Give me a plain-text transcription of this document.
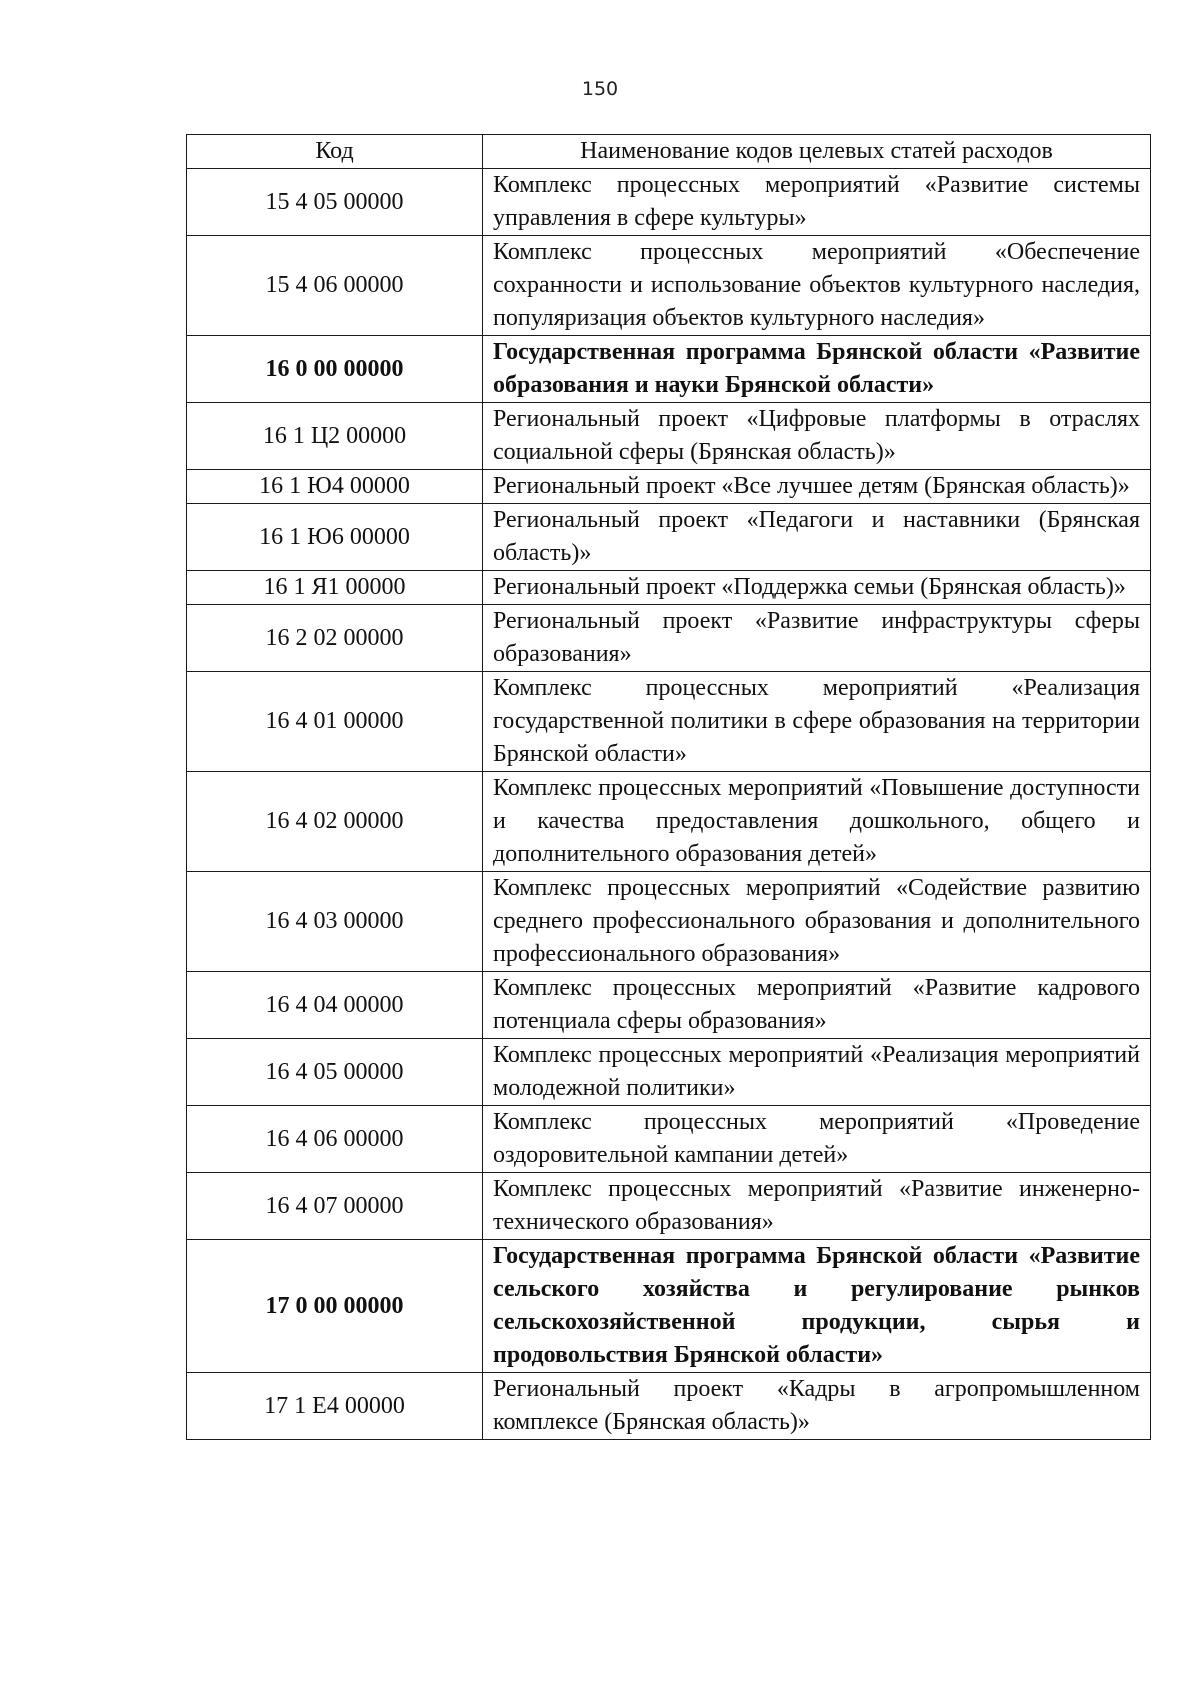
150
Код	Наименование кодов целевых статей расходов
15 4 05 00000	Комплекс процессных мероприятий «Развитие системы управления в сфере культуры»
15 4 06 00000	Комплекс процессных мероприятий «Обеспечение сохранности и использование объектов культурного наследия, популяризация объектов культурного наследия»
16 0 00 00000	Государственная программа Брянской области «Развитие образования и науки Брянской области»
16 1 Ц2 00000	Региональный проект «Цифровые платформы в отраслях социальной сферы (Брянская область)»
16 1 Ю4 00000	Региональный проект «Все лучшее детям (Брянская область)»
16 1 Ю6 00000	Региональный проект «Педагоги и наставники (Брянская область)»
16 1 Я1 00000	Региональный проект «Поддержка семьи (Брянская область)»
16 2 02 00000	Региональный проект «Развитие инфраструктуры сферы образования»
16 4 01 00000	Комплекс процессных мероприятий «Реализация государственной политики в сфере образования на территории Брянской области»
16 4 02 00000	Комплекс процессных мероприятий «Повышение доступности и качества предоставления дошкольного, общего и дополнительного образования детей»
16 4 03 00000	Комплекс процессных мероприятий «Содействие развитию среднего профессионального образования и дополнительного профессионального образования»
16 4 04 00000	Комплекс процессных мероприятий «Развитие кадрового потенциала сферы образования»
16 4 05 00000	Комплекс процессных мероприятий «Реализация мероприятий молодежной политики»
16 4 06 00000	Комплекс процессных мероприятий «Проведение оздоровительной кампании детей»
16 4 07 00000	Комплекс процессных мероприятий «Развитие инженерно-технического образования»
17 0 00 00000	Государственная программа Брянской области «Развитие сельского хозяйства и регулирование рынков сельскохозяйственной продукции, сырья и продовольствия Брянской области»
17 1 Е4 00000	Региональный проект «Кадры в агропромышленном комплексе (Брянская область)»
